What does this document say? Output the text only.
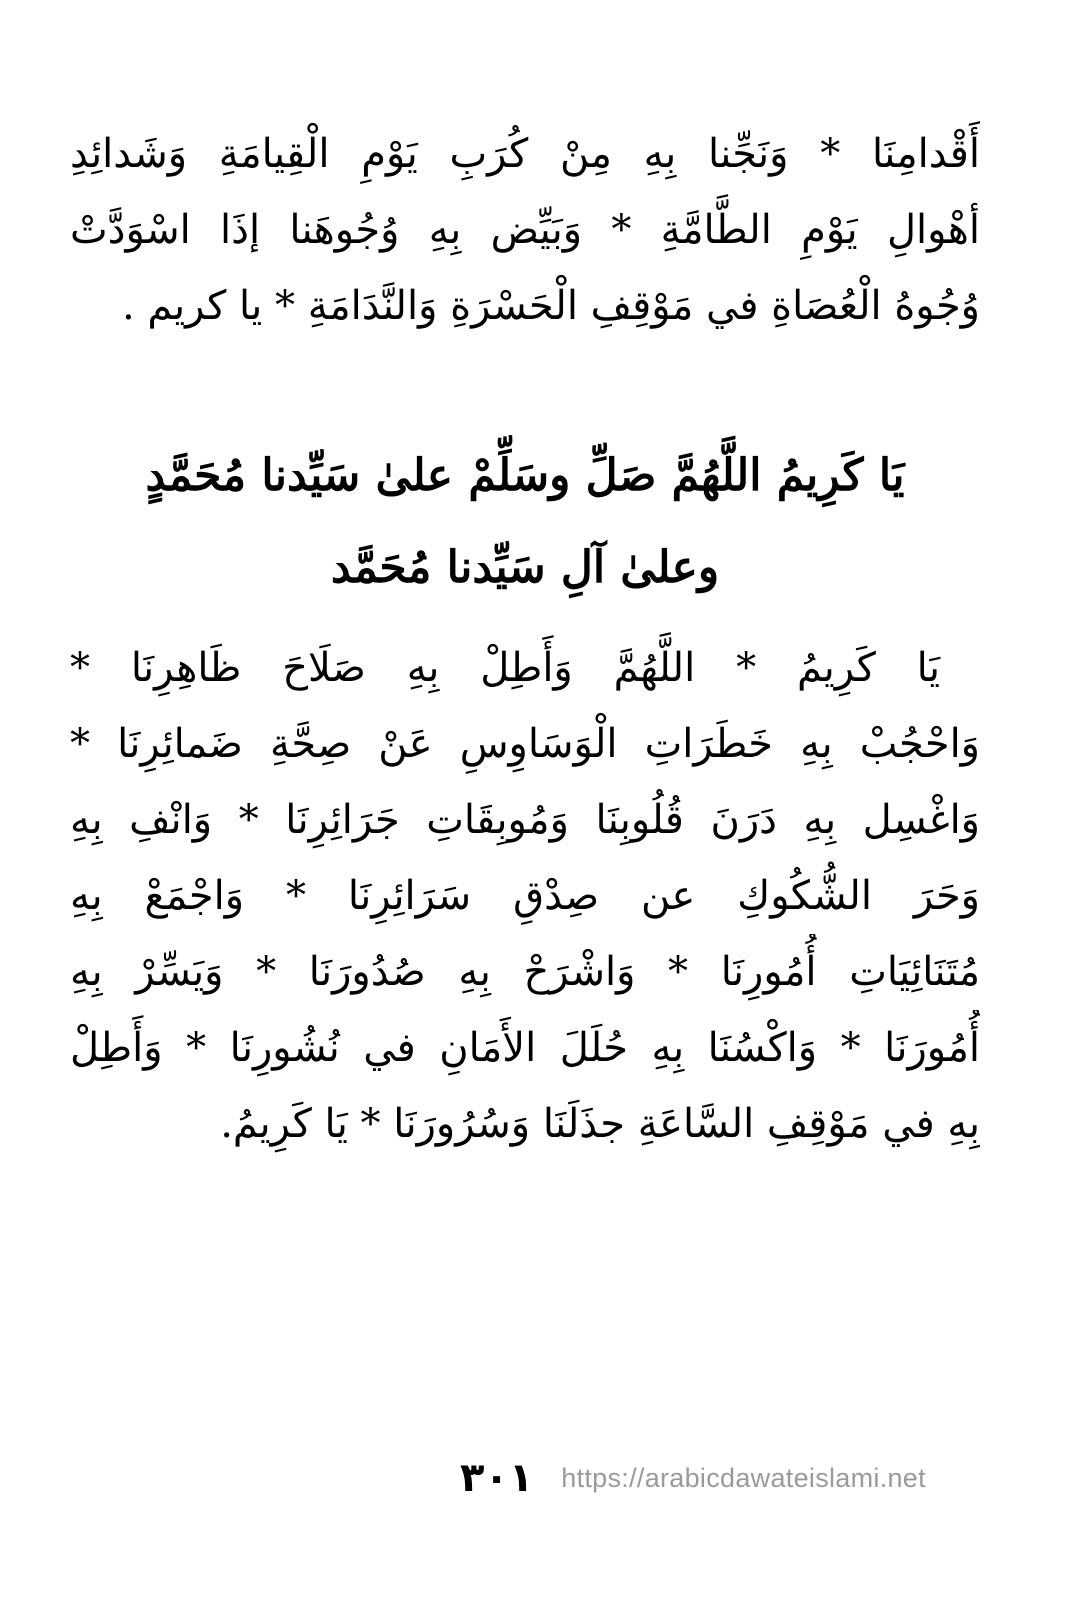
أَقْدامِنَا * وَنَجِّنا بِهِ مِنْ كُرَبِ يَوْمِ الْقِيامَةِ وَشَدائِدِ
أهْوالِ يَوْمِ الطَّامَّةِ * وَبَيِّض بِهِ وُجُوهَنا إذَا اسْوَدَّتْ
وُجُوهُ الْعُصَاةِ في مَوْقِفِ الْحَسْرَةِ وَالنَّدَامَةِ * يا كريم .
يَا كَرِيمُ اللَّهُمَّ صَلِّ وسَلِّمْ علىٰ سَيِّدنا مُحَمَّدٍ
وعلىٰ آلِ سَيِّدنا مُحَمَّد
يَا كَرِيمُ * اللَّهُمَّ وَأَطِلْ بِهِ صَلَاحَ ظَاهِرِنَا *
وَاحْجُبْ بِهِ خَطَرَاتِ الْوَسَاوِسِ عَنْ صِحَّةِ ضَمائِرِنَا *
وَاغْسِل بِهِ دَرَنَ قُلُوبِنَا وَمُوبِقَاتِ جَرَائِرِنَا * وَانْفِ بِهِ
وَحَرَ الشُّكُوكِ عن صِدْقِ سَرَائِرِنَا * وَاجْمَعْ بِهِ
مُتَنَائِيَاتِ أُمُورِنَا * وَاشْرَحْ بِهِ صُدُورَنَا * وَيَسِّرْ بِهِ
أُمُورَنَا * وَاكْسُنَا بِهِ حُلَلَ الأَمَانِ في نُشُورِنَا * وَأَطِلْ
بِهِ في مَوْقِفِ السَّاعَةِ جذَلَنَا وَسُرُورَنَا * يَا كَرِيمُ.
٣٠١ https://arabicdawateislami.net
